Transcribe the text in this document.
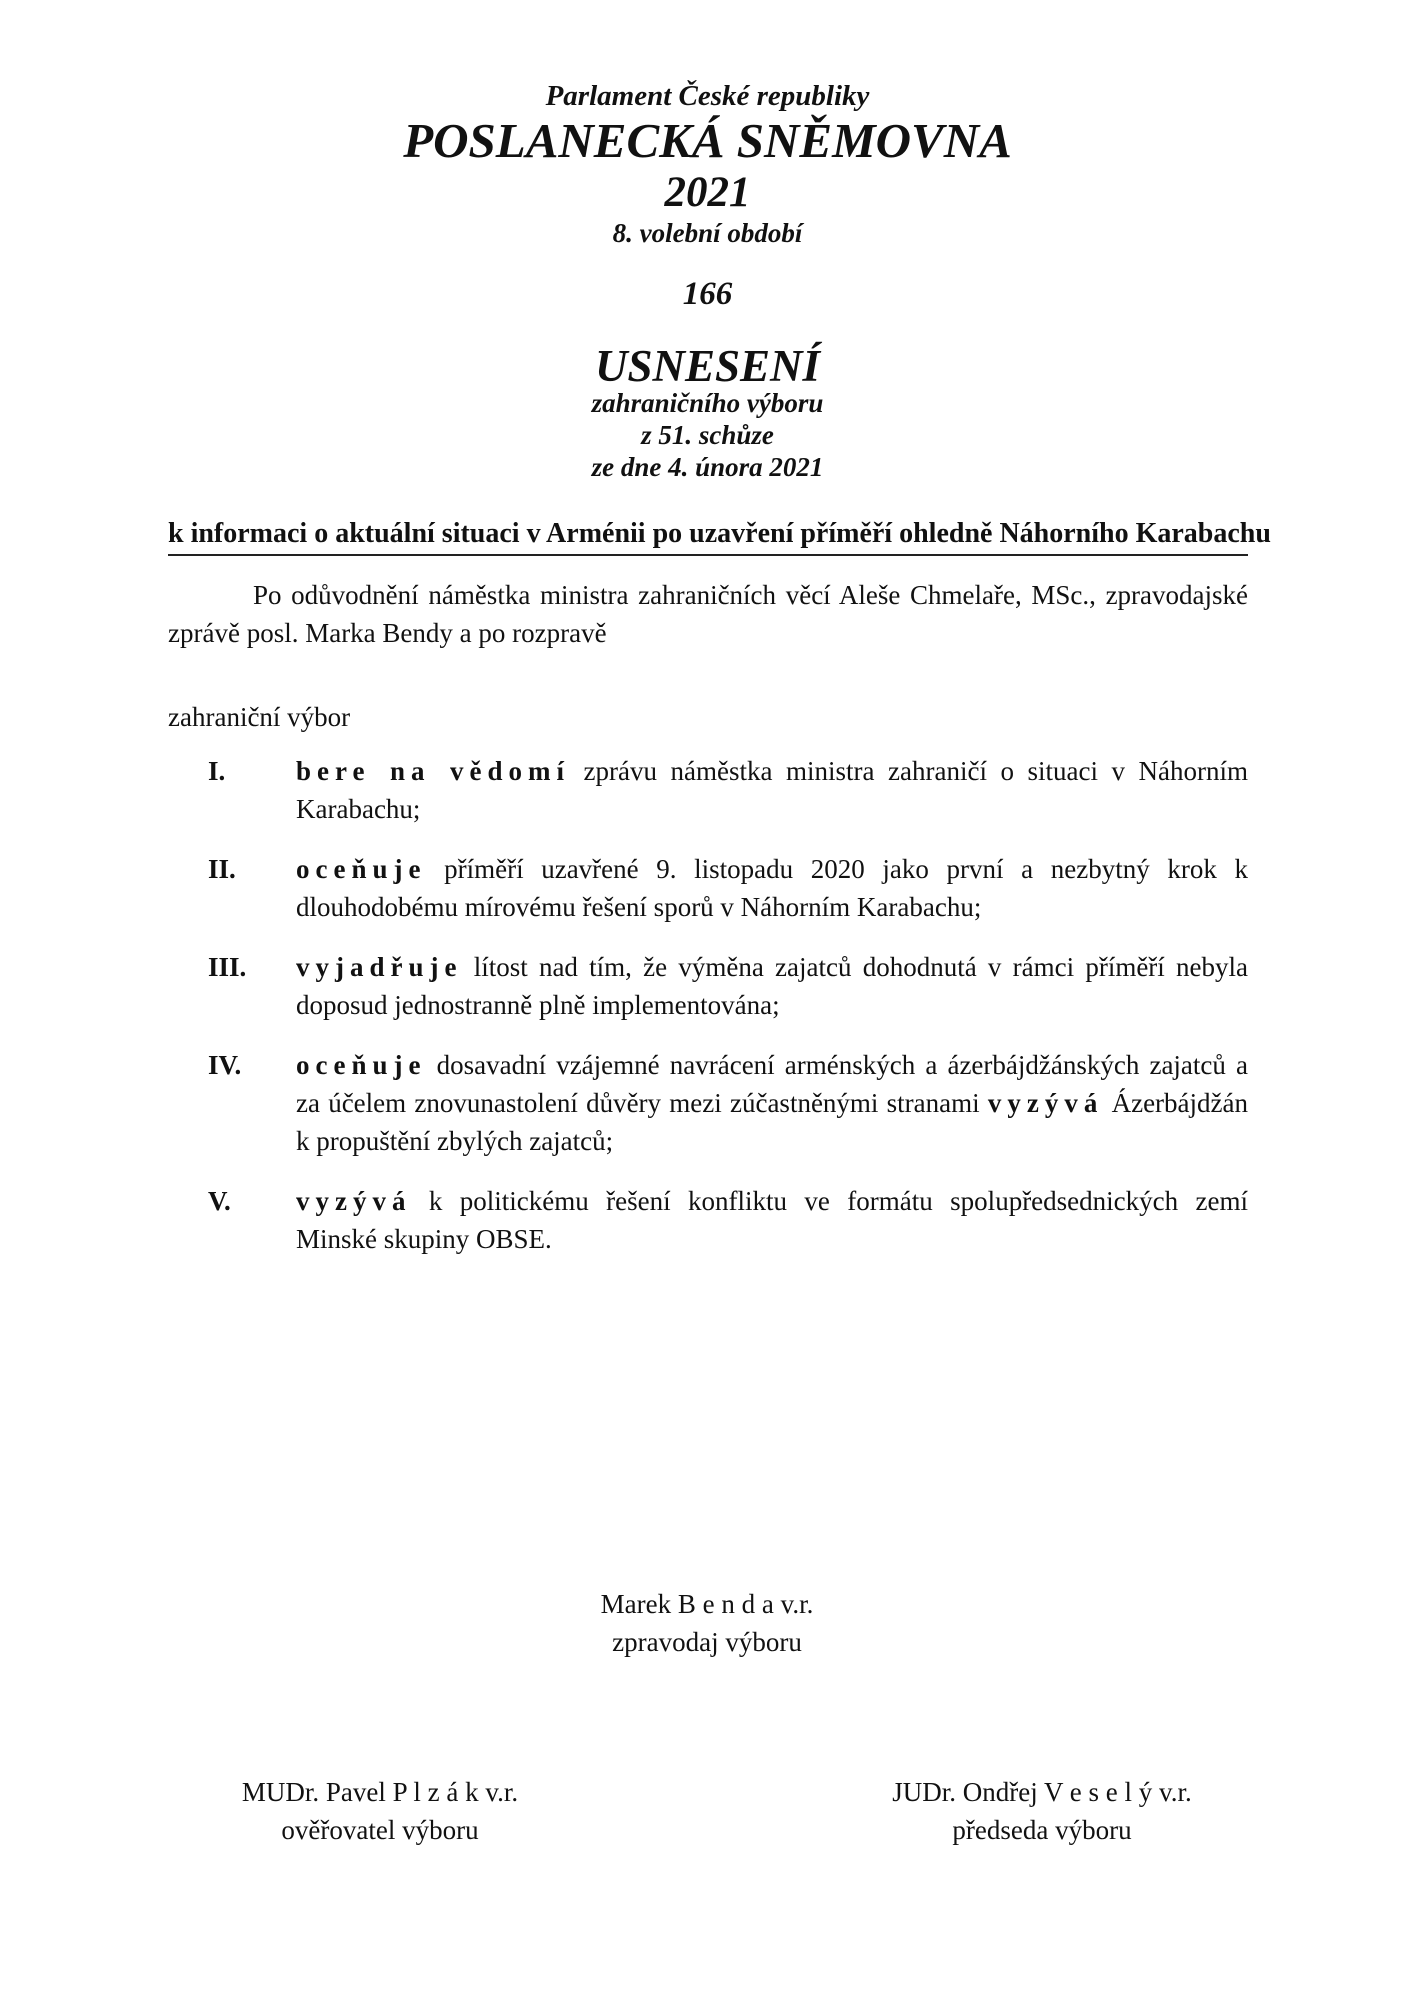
Parlament České republiky
POSLANECKÁ SNĚMOVNA
2021
8. volební období
166
USNESENÍ
zahraničního výboru
z 51. schůze
ze dne 4. února 2021
k informaci o aktuální situaci v Arménii po uzavření příměří ohledně Náhorního Karabachu
Po odůvodnění náměstka ministra zahraničních věcí Aleše Chmelaře, MSc., zpravodajské zprávě posl. Marka Bendy a po rozpravě
zahraniční výbor
I.	bere na vědomí zprávu náměstka ministra zahraničí o situaci v Náhorním Karabachu;
II. oceňuje příměří uzavřené 9. listopadu 2020 jako první a nezbytný krok k dlouhodobému mírovému řešení sporů v Náhorním Karabachu;
III. vyjadřuje lítost nad tím, že výměna zajatců dohodnutá v rámci příměří nebyla doposud jednostranně plně implementována;
IV. oceňuje dosavadní vzájemné navrácení arménských a ázerbájdžánských zajatců a za účelem znovunastolení důvěry mezi zúčastněnými stranami vyzývá Ázerbájdžán k propuštění zbylých zajatců;
V. vyzývá k politickému řešení konfliktu ve formátu spolupředsednických zemí Minské skupiny OBSE.
Marek B e n d a v.r.
zpravodaj výboru
MUDr. Pavel P l z á k v.r.
ověřovatel výboru
JUDr. Ondřej V e s e l ý v.r.
předseda výboru
